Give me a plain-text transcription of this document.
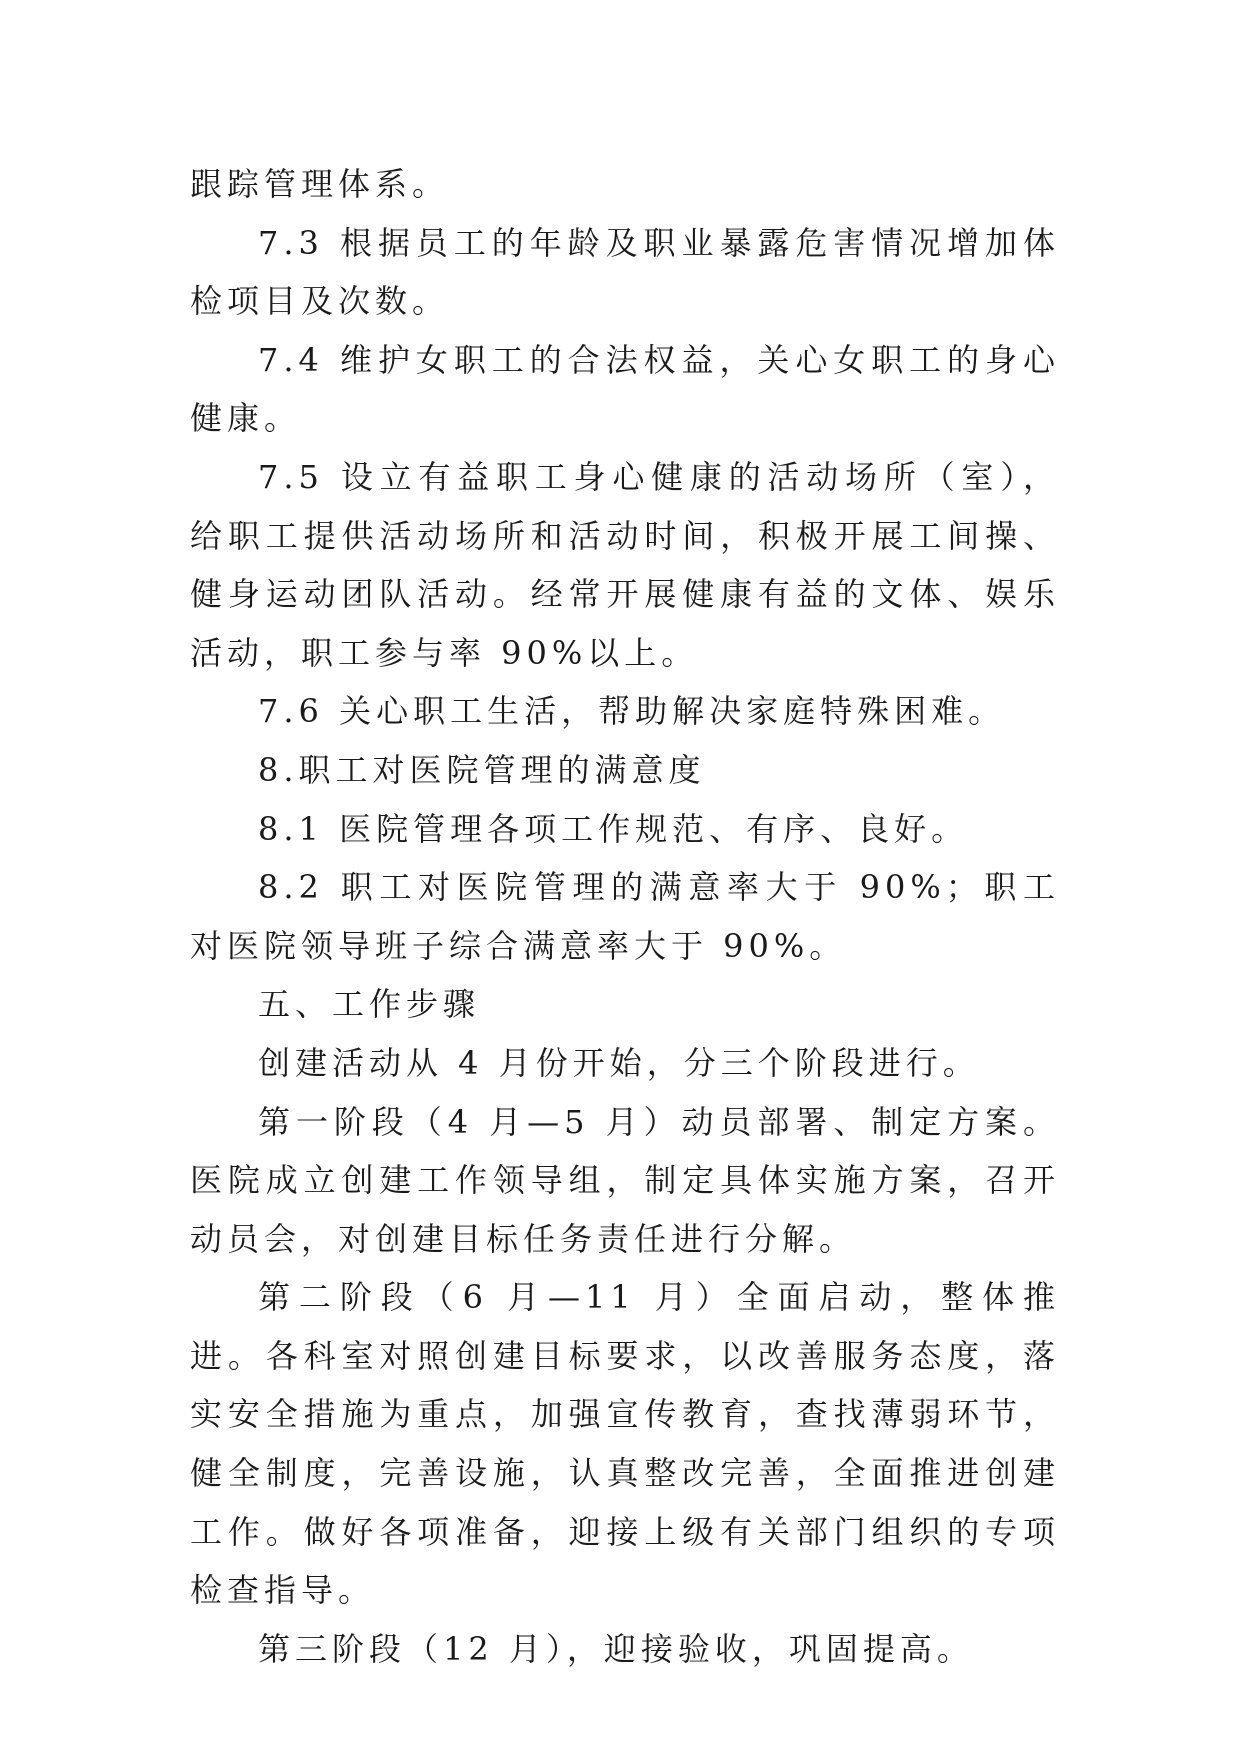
跟踪管理体系。

7.3 根据员工的年龄及职业暴露危害情况增加体检项目及次数。

7.4 维护女职工的合法权益，关心女职工的身心健康。

7.5 设立有益职工身心健康的活动场所（室），给职工提供活动场所和活动时间，积极开展工间操、健身运动团队活动。经常开展健康有益的文体、娱乐活动，职工参与率 90%以上。

7.6 关心职工生活，帮助解决家庭特殊困难。

8.职工对医院管理的满意度

8.1 医院管理各项工作规范、有序、良好。

8.2 职工对医院管理的满意率大于 90%；职工对医院领导班子综合满意率大于 90%。

五、工作步骤

创建活动从 4 月份开始，分三个阶段进行。

第一阶段（4 月—5 月）动员部署、制定方案。医院成立创建工作领导组，制定具体实施方案，召开动员会，对创建目标任务责任进行分解。

第二阶段（6 月—11 月）全面启动，整体推进。各科室对照创建目标要求，以改善服务态度，落实安全措施为重点，加强宣传教育，查找薄弱环节，健全制度，完善设施，认真整改完善，全面推进创建工作。做好各项准备，迎接上级有关部门组织的专项检查指导。

第三阶段（12 月），迎接验收，巩固提高。
